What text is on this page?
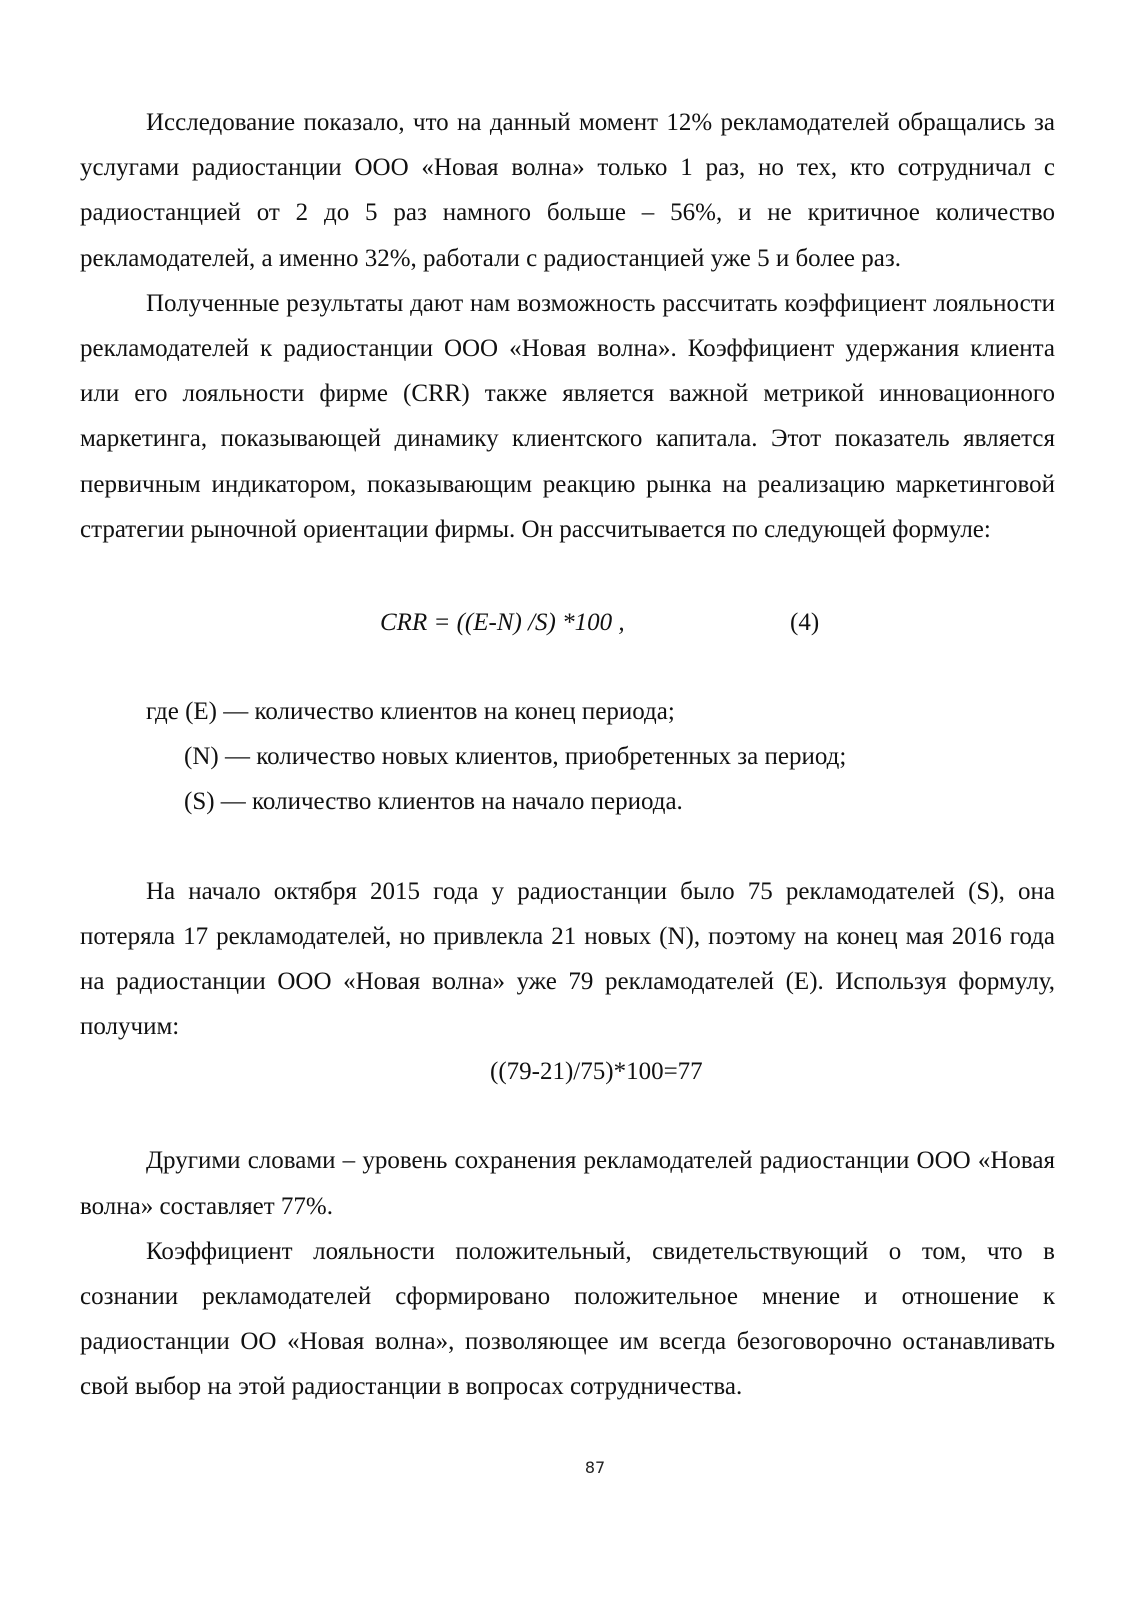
Исследование показало, что на данный момент 12% рекламодателей обращались за услугами радиостанции ООО «Новая волна» только 1 раз, но тех, кто сотрудничал с радиостанцией от 2 до 5 раз намного больше – 56%, и не критичное количество рекламодателей, а именно 32%, работали с радиостанцией уже 5 и более раз.

Полученные результаты дают нам возможность рассчитать коэффициент лояльности рекламодателей к радиостанции ООО «Новая волна». Коэффициент удержания клиента или его лояльности фирме (CRR) также является важной метрикой инновационного маркетинга, показывающей динамику клиентского капитала. Этот показатель является первичным индикатором, показывающим реакцию рынка на реализацию маркетинговой стратегии рыночной ориентации фирмы. Он рассчитывается по следующей формуле:

CRR = ((E-N) /S) *100 ,	(4)

где (E) — количество клиентов на конец периода;

(N) — количество новых клиентов, приобретенных за период;

(S) — количество клиентов на начало периода.

На начало октября 2015 года у радиостанции было 75 рекламодателей (S), она потеряла 17 рекламодателей, но привлекла 21 новых (N), поэтому на конец мая 2016 года на радиостанции ООО «Новая волна» уже 79 рекламодателей (E). Используя формулу, получим:

((79-21)/75)*100=77

Другими словами – уровень сохранения рекламодателей радиостанции ООО «Новая волна» составляет 77%.

Коэффициент лояльности положительный, свидетельствующий о том, что в сознании рекламодателей сформировано положительное мнение и отношение к радиостанции ОО «Новая волна», позволяющее им всегда безоговорочно останавливать свой выбор на этой радиостанции в вопросах сотрудничества.

87
